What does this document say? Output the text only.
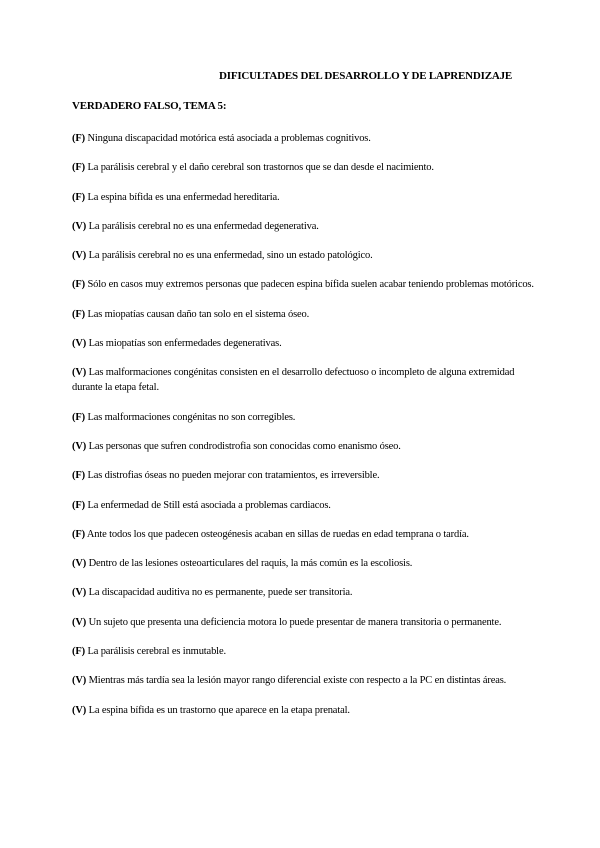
DIFICULTADES DEL DESARROLLO Y DE LAPRENDIZAJE
VERDADERO FALSO, TEMA 5:
(F) Ninguna discapacidad motórica está asociada a problemas cognitivos.
(F) La parálisis cerebral y el daño cerebral son trastornos que se dan desde el nacimiento.
(F) La espina bífida es una enfermedad hereditaria.
(V) La parálisis cerebral no es una enfermedad degenerativa.
(V) La parálisis cerebral no es una enfermedad, sino un estado patológico.
(F) Sólo en casos muy extremos personas que padecen espina bífida suelen acabar teniendo problemas motóricos.
(F) Las miopatías causan daño tan solo en el sistema óseo.
(V) Las miopatías son enfermedades degenerativas.
(V) Las malformaciones congénitas consisten en el desarrollo defectuoso o incompleto de alguna extremidad durante la etapa fetal.
(F) Las malformaciones congénitas no son corregibles.
(V) Las personas que sufren condrodistrofia son conocidas como enanismo óseo.
(F) Las distrofias óseas no pueden mejorar con tratamientos, es irreversible.
(F) La enfermedad de Still está asociada a problemas cardiacos.
(F) Ante todos los que padecen osteogénesis acaban en sillas de ruedas en edad temprana o tardía.
(V) Dentro de las lesiones osteoarticulares del raquis, la más común es la escoliosis.
(V) La discapacidad auditiva no es permanente, puede ser transitoria.
(V) Un sujeto que presenta una deficiencia motora lo puede presentar de manera transitoria o permanente.
(F) La parálisis cerebral es inmutable.
(V) Mientras más tardía sea la lesión mayor rango diferencial existe con respecto a la PC en distintas áreas.
(V) La espina bífida es un trastorno que aparece en la etapa prenatal.
